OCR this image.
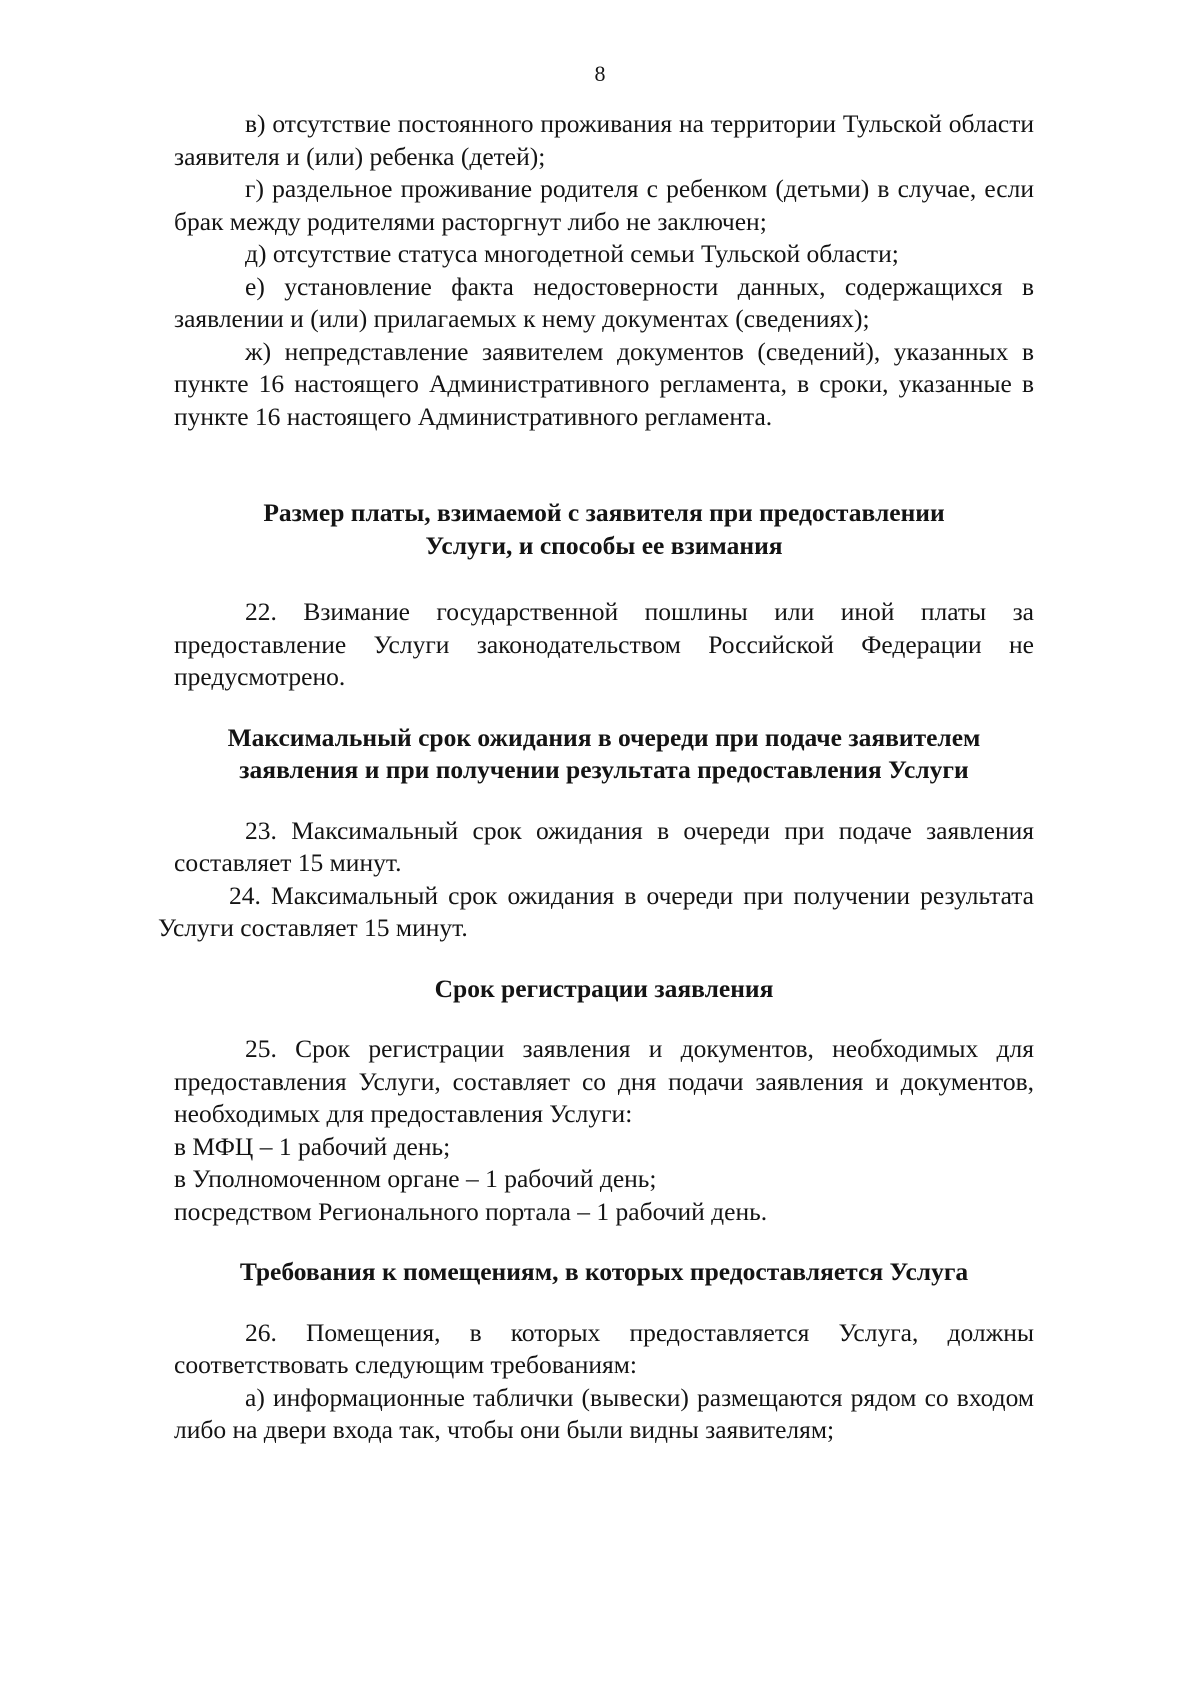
8

в) отсутствие постоянного проживания на территории Тульской области заявителя и (или) ребенка (детей);

г) раздельное проживание родителя с ребенком (детьми) в случае, если брак между родителями расторгнут либо не заключен;

д) отсутствие статуса многодетной семьи Тульской области;

е) установление факта недостоверности данных, содержащихся в заявлении и (или) прилагаемых к нему документах (сведениях);

ж) непредставление заявителем документов (сведений), указанных в пункте 16 настоящего Административного регламента, в сроки, указанные в пункте 16 настоящего Административного регламента.

Размер платы, взимаемой с заявителя при предоставлении
Услуги, и способы ее взимания

22. Взимание государственной пошлины или иной платы за предоставление Услуги законодательством Российской Федерации не предусмотрено.

Максимальный срок ожидания в очереди при подаче заявителем
заявления и при получении результата предоставления Услуги

23. Максимальный срок ожидания в очереди при подаче заявления составляет 15 минут.

24. Максимальный срок ожидания в очереди при получении результата Услуги составляет 15 минут.

Срок регистрации заявления

25. Срок регистрации заявления и документов, необходимых для предоставления Услуги, составляет со дня подачи заявления и документов, необходимых для предоставления Услуги:

в МФЦ – 1 рабочий день;

в Уполномоченном органе – 1 рабочий день;

посредством Регионального портала – 1 рабочий день.

Требования к помещениям, в которых предоставляется Услуга

26. Помещения, в которых предоставляется Услуга, должны соответствовать следующим требованиям:

а) информационные таблички (вывески) размещаются рядом со входом либо на двери входа так, чтобы они были видны заявителям;
